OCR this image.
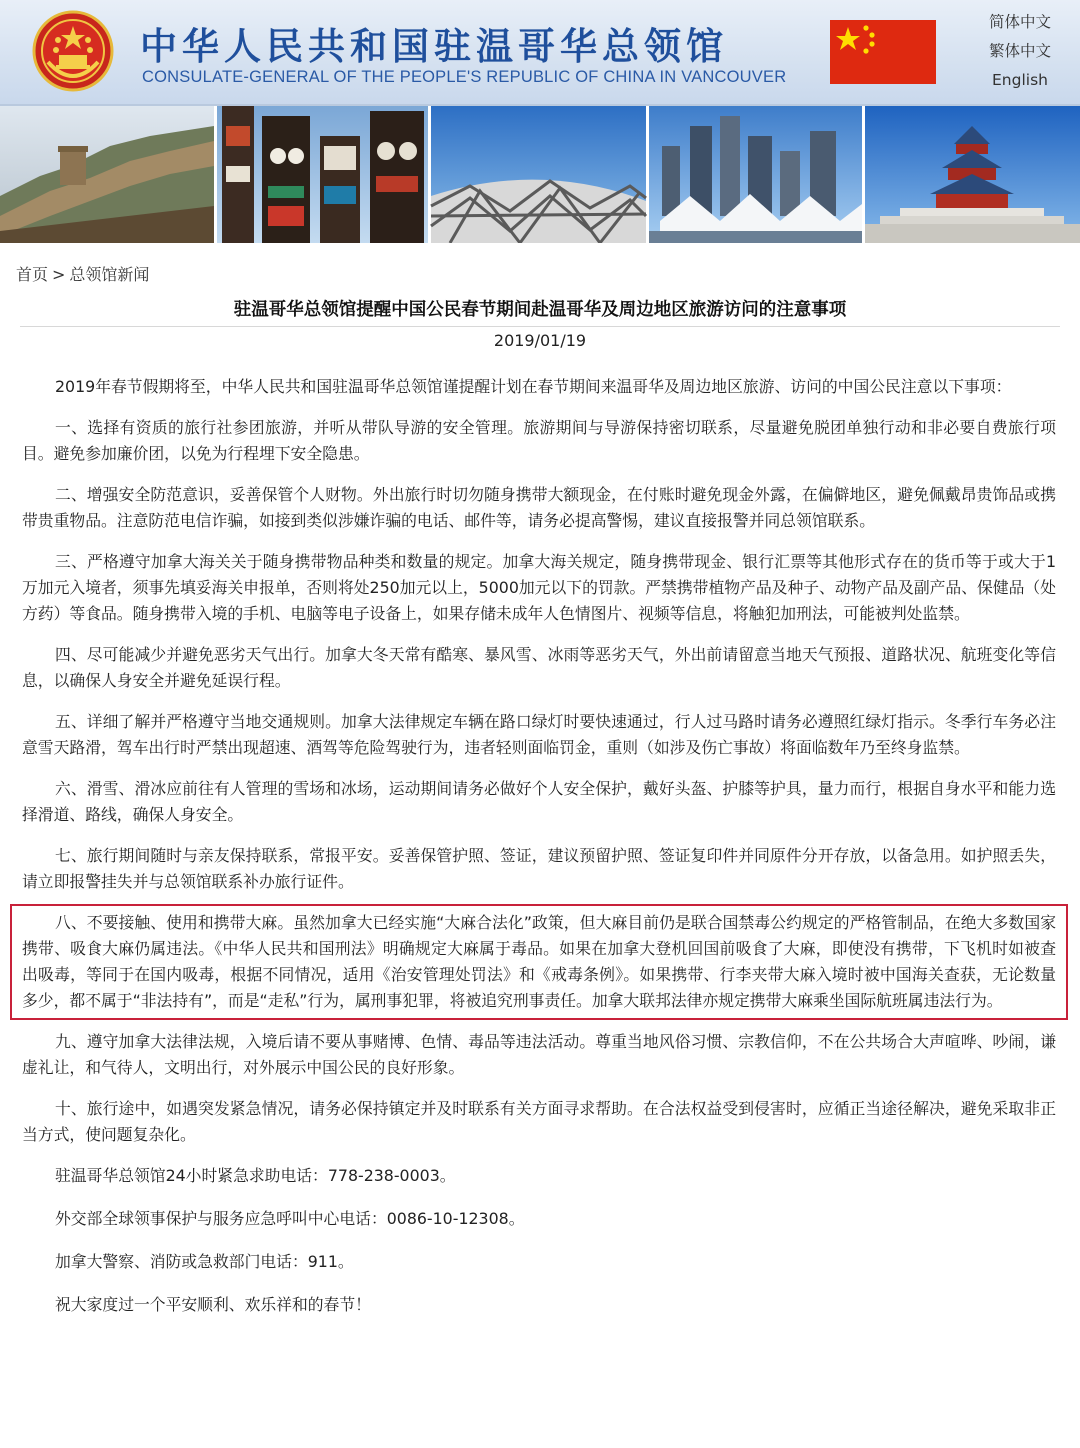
中华人民共和国驻温哥华总领馆
CONSULATE-GENERAL OF THE PEOPLE'S REPUBLIC OF CHINA IN VANCOUVER
简体中文
繁体中文
English
首页 > 总领馆新闻
驻温哥华总领馆提醒中国公民春节期间赴温哥华及周边地区旅游访问的注意事项
2019/01/19

2019年春节假期将至，中华人民共和国驻温哥华总领馆谨提醒计划在春节期间来温哥华及周边地区旅游、访问的中国公民注意以下事项：

一、选择有资质的旅行社参团旅游，并听从带队导游的安全管理。旅游期间与导游保持密切联系，尽量避免脱团单独行动和非必要自费旅行项目。避免参加廉价团，以免为行程埋下安全隐患。

二、增强安全防范意识，妥善保管个人财物。外出旅行时切勿随身携带大额现金，在付账时避免现金外露，在偏僻地区，避免佩戴昂贵饰品或携带贵重物品。注意防范电信诈骗，如接到类似涉嫌诈骗的电话、邮件等，请务必提高警惕，建议直接报警并同总领馆联系。

三、严格遵守加拿大海关关于随身携带物品种类和数量的规定。加拿大海关规定，随身携带现金、银行汇票等其他形式存在的货币等于或大于1万加元入境者，须事先填妥海关申报单，否则将处250加元以上，5000加元以下的罚款。严禁携带植物产品及种子、动物产品及副产品、保健品（处方药）等食品。随身携带入境的手机、电脑等电子设备上，如果存储未成年人色情图片、视频等信息，将触犯加刑法，可能被判处监禁。

四、尽可能减少并避免恶劣天气出行。加拿大冬天常有酷寒、暴风雪、冰雨等恶劣天气，外出前请留意当地天气预报、道路状况、航班变化等信息，以确保人身安全并避免延误行程。

五、详细了解并严格遵守当地交通规则。加拿大法律规定车辆在路口绿灯时要快速通过，行人过马路时请务必遵照红绿灯指示。冬季行车务必注意雪天路滑，驾车出行时严禁出现超速、酒驾等危险驾驶行为，违者轻则面临罚金，重则（如涉及伤亡事故）将面临数年乃至终身监禁。

六、滑雪、滑冰应前往有人管理的雪场和冰场，运动期间请务必做好个人安全保护，戴好头盔、护膝等护具，量力而行，根据自身水平和能力选择滑道、路线，确保人身安全。

七、旅行期间随时与亲友保持联系，常报平安。妥善保管护照、签证，建议预留护照、签证复印件并同原件分开存放，以备急用。如护照丢失，请立即报警挂失并与总领馆联系补办旅行证件。

八、不要接触、使用和携带大麻。虽然加拿大已经实施“大麻合法化”政策，但大麻目前仍是联合国禁毒公约规定的严格管制品，在绝大多数国家携带、吸食大麻仍属违法。《中华人民共和国刑法》明确规定大麻属于毒品。如果在加拿大登机回国前吸食了大麻，即使没有携带，下飞机时如被查出吸毒，等同于在国内吸毒，根据不同情况，适用《治安管理处罚法》和《戒毒条例》。如果携带、行李夹带大麻入境时被中国海关查获，无论数量多少，都不属于“非法持有”，而是“走私”行为，属刑事犯罪，将被追究刑事责任。加拿大联邦法律亦规定携带大麻乘坐国际航班属违法行为。

九、遵守加拿大法律法规，入境后请不要从事赌博、色情、毒品等违法活动。尊重当地风俗习惯、宗教信仰，不在公共场合大声喧哗、吵闹，谦虚礼让，和气待人，文明出行，对外展示中国公民的良好形象。

十、旅行途中，如遇突发紧急情况，请务必保持镇定并及时联系有关方面寻求帮助。在合法权益受到侵害时，应循正当途径解决，避免采取非正当方式，使问题复杂化。

驻温哥华总领馆24小时紧急求助电话：778-238-0003。

外交部全球领事保护与服务应急呼叫中心电话：0086-10-12308。

加拿大警察、消防或急救部门电话：911。

祝大家度过一个平安顺利、欢乐祥和的春节！
